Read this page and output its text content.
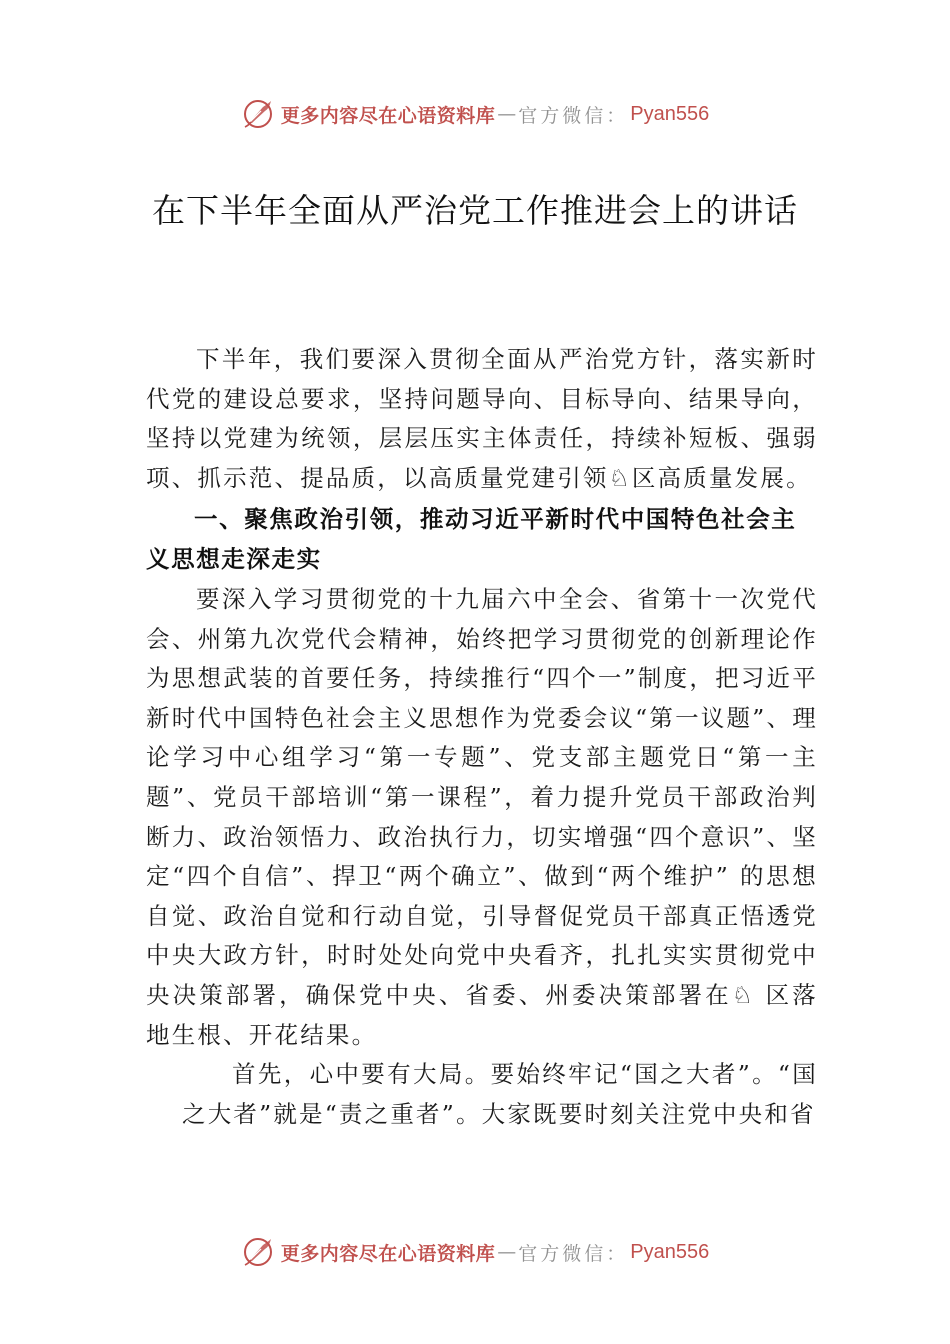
更多内容尽在心语资料库 — 官方微信： Pyan556
在下半年全面从严治党工作推进会上的讲话

下半年，我们要深入贯彻全面从严治党方针，落实新时代党的建设总要求，坚持问题导向、目标导向、结果导向， 坚持以党建为统领，层层压实主体责任，持续补短板、强弱项、抓示范、提品质，以高质量党建引领♘区高质量发展。

一、聚焦政治引领，推动习近平新时代中国特色社会主义思想走深走实

要深入学习贯彻党的十九届六中全会、省第十一次党代会、州第九次党代会精神，始终把学习贯彻党的创新理论作为思想武装的首要任务，持续推行“四个一”制度，把习近平新时代中国特色社会主义思想作为党委会议“第一议题”、理论学习中心组学习“第一专题”、党支部主题党日“第一主题”、党员干部培训“第一课程”，着力提升党员干部政治判断力、政治领悟力、政治执行力，切实增强“四个意识”、坚定“四个自信”、捍卫“两个确立”、做到“两个维护” 的思想自觉、政治自觉和行动自觉，引导督促党员干部真正悟透党中央大政方针，时时处处向党中央看齐，扎扎实实贯彻党中央决策部署，确保党中央、省委、州委决策部署在♘ 区落地生根、开花结果。

首先，心中要有大局。要始终牢记“国之大者”。“国之大者”就是“责之重者”。大家既要时刻关注党中央和省

更多内容尽在心语资料库 — 官方微信： Pyan556
